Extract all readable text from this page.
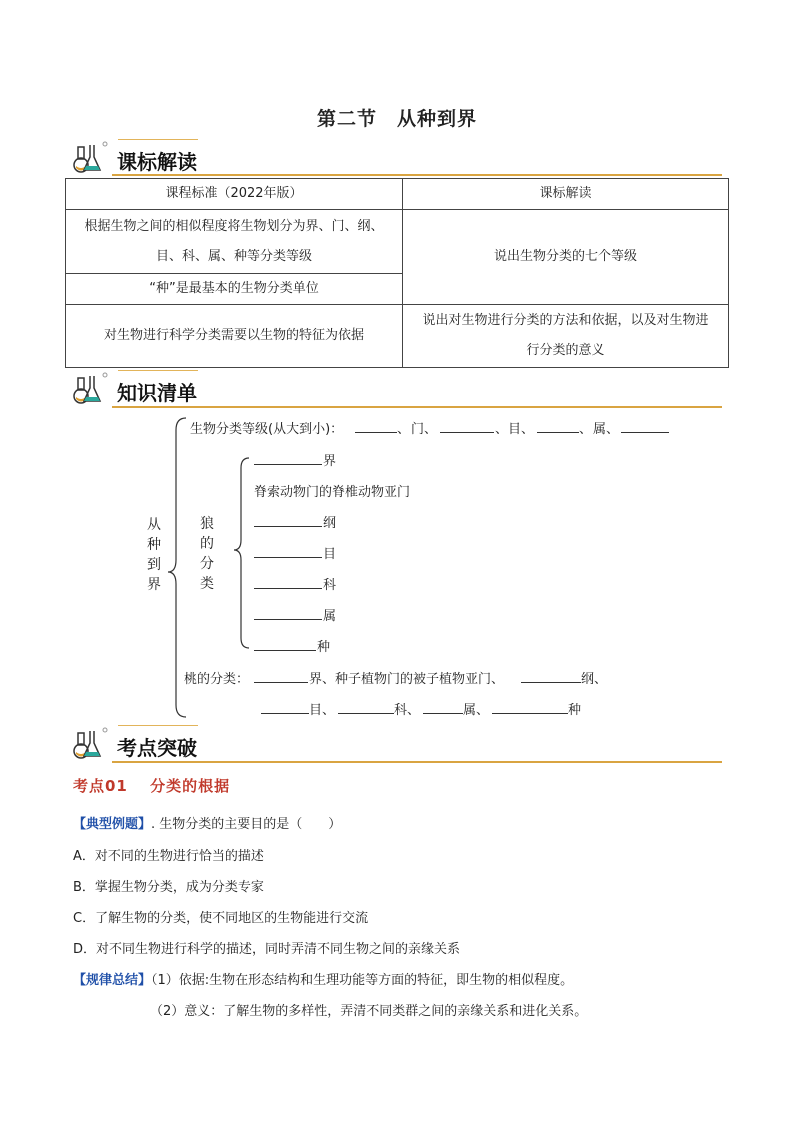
第二节　从种到界
课标解读
课程标准（2022年版）	课标解读

根据生物之间的相似程度将生物划分为界、门、纲、
目、科、属、种等分类等级	说出生物分类的七个等级
“种”是最基本的生物分类单位	
对生物进行科学分类需要以生物的特征为依据	说出对生物进行分类的方法和依据，以及对生物进
行分类的意义
知识清单
从
种
到
界
生物分类等级(从大到小)：	、 门、	、 目、	、 属、
狼
的
分
类
界
脊索动物门的脊椎动物亚门
纲
目
科
属
种
桃的分类：	界、种子植物门的被子植物亚门、	纲、
目、	科、	属、	种
考点突破
考点01　 分类的根据
【典型例题】. 生物分类的主要目的是（　　）
A．对不同的生物进行恰当的描述
B．掌握生物分类，成为分类专家
C．了解生物的分类，使不同地区的生物能进行交流
D．对不同生物进行科学的描述，同时弄清不同生物之间的亲缘关系
【规律总结】（1）依据:生物在形态结构和生理功能等方面的特征，即生物的相似程度。
（2）意义：了解生物的多样性，弄清不同类群之间的亲缘关系和进化关系。
